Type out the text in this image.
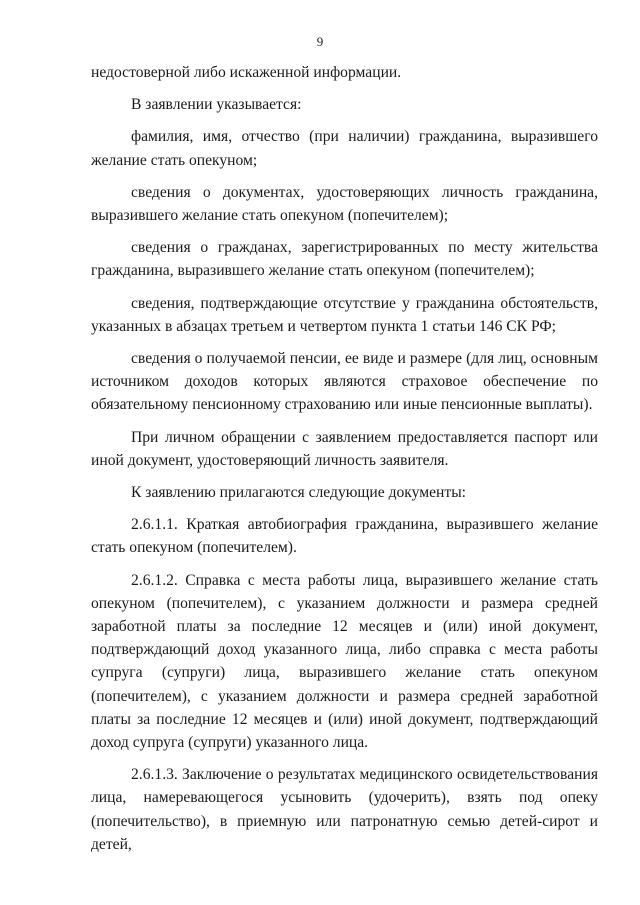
9

недостоверной либо искаженной информации.

В заявлении указывается:

фамилия, имя, отчество (при наличии) гражданина, выразившего желание стать опекуном;

сведения о документах, удостоверяющих личность гражданина, выразившего желание стать опекуном (попечителем);

сведения о гражданах, зарегистрированных по месту жительства гражданина, выразившего желание стать опекуном (попечителем);

сведения, подтверждающие отсутствие у гражданина обстоятельств, указанных в абзацах третьем и четвертом пункта 1 статьи 146 СК РФ;

сведения о получаемой пенсии, ее виде и размере (для лиц, основным источником доходов которых являются страховое обеспечение по обязательному пенсионному страхованию или иные пенсионные выплаты).

При личном обращении с заявлением предоставляется паспорт или иной документ, удостоверяющий личность заявителя.

К заявлению прилагаются следующие документы:

2.6.1.1. Краткая автобиография гражданина, выразившего желание стать опекуном (попечителем).

2.6.1.2. Справка с места работы лица, выразившего желание стать опекуном (попечителем), с указанием должности и размера средней заработной платы за последние 12 месяцев и (или) иной документ, подтверждающий доход указанного лица, либо справка с места работы супруга (супруги) лица, выразившего желание стать опекуном (попечителем), с указанием должности и размера средней заработной платы за последние 12 месяцев и (или) иной документ, подтверждающий доход супруга (супруги) указанного лица.

2.6.1.3. Заключение о результатах медицинского освидетельствования лица, намеревающегося усыновить (удочерить), взять под опеку (попечительство), в приемную или патронатную семью детей-сирот и детей,
